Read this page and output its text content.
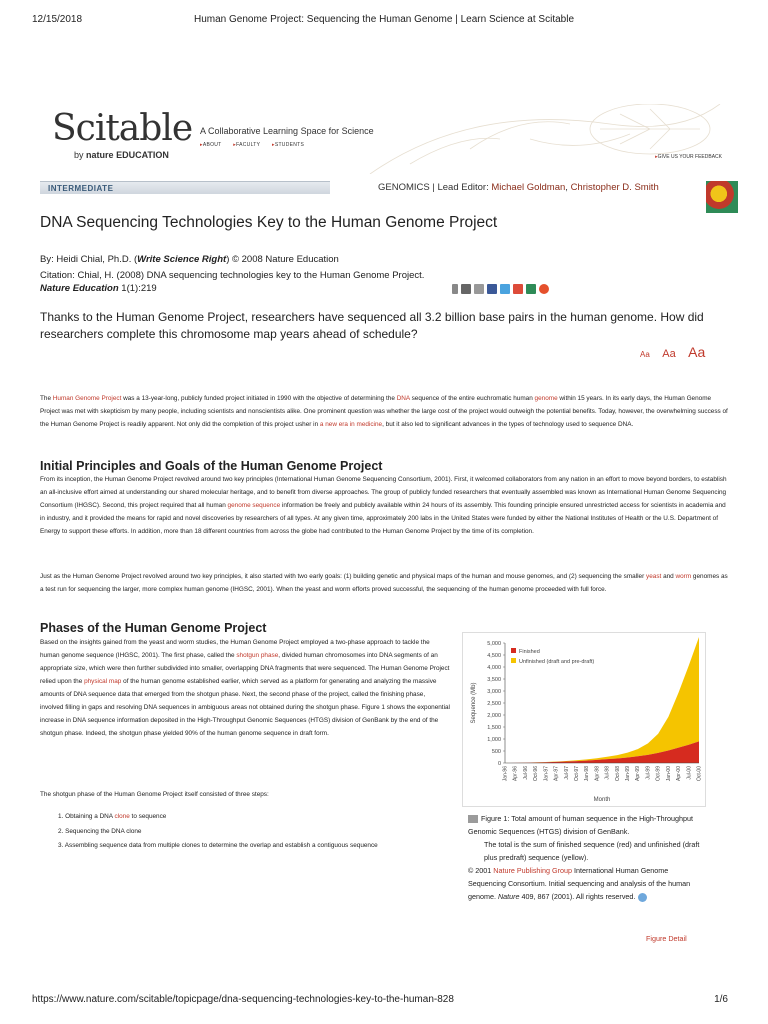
12/15/2018	Human Genome Project: Sequencing the Human Genome | Learn Science at Scitable
Scitable
by nature EDUCATION
A Collaborative Learning Space for Science
▸ ABOUT	▸ FACULTY	▸ STUDENTS
▸ GIVE US YOUR FEEDBACK
INTERMEDIATE	GENOMICS | Lead Editor: Michael Goldman, Christopher D. Smith
DNA Sequencing Technologies Key to the Human Genome Project
By: Heidi Chial, Ph.D. (Write Science Right) © 2008 Nature Education
Citation: Chial, H. (2008) DNA sequencing technologies key to the Human Genome Project. Nature Education 1(1):219

Thanks to the Human Genome Project, researchers have sequenced all 3.2 billion base pairs in the human genome. How did researchers complete this chromosome map years ahead of schedule?

Aa Aa Aa

The Human Genome Project was a 13-year-long, publicly funded project initiated in 1990 with the objective of determining the DNA sequence of the entire euchromatic human genome within 15 years. In its early days, the Human Genome Project was met with skepticism by many people, including scientists and nonscientists alike. One prominent question was whether the large cost of the project would outweigh the potential benefits. Today, however, the overwhelming success of the Human Genome Project is readily apparent. Not only did the completion of this project usher in a new era in medicine, but it also led to significant advances in the types of technology used to sequence DNA.

Initial Principles and Goals of the Human Genome Project

From its inception, the Human Genome Project revolved around two key principles (International Human Genome Sequencing Consortium, 2001). First, it welcomed collaborators from any nation in an effort to move beyond borders, to establish an all-inclusive effort aimed at understanding our shared molecular heritage, and to benefit from diverse approaches. The group of publicly funded researchers that eventually assembled was known as International Human Genome Sequencing Consortium (IHGSC). Second, this project required that all human genome sequence information be freely and publicly available within 24 hours of its assembly. This founding principle ensured unrestricted access for scientists in academia and in industry, and it provided the means for rapid and novel discoveries by researchers of all types. At any given time, approximately 200 labs in the United States were funded by either the National Institutes of Health or the U.S. Department of Energy to support these efforts. In addition, more than 18 different countries from across the globe had contributed to the Human Genome Project by the time of its completion.

Just as the Human Genome Project revolved around two key principles, it also started with two early goals: (1) building genetic and physical maps of the human and mouse genomes, and (2) sequencing the smaller yeast and worm genomes as a test run for sequencing the larger, more complex human genome (IHGSC, 2001). When the yeast and worm efforts proved successful, the sequencing of the human genome proceeded with full force.

Phases of the Human Genome Project

Based on the insights gained from the yeast and worm studies, the Human Genome Project employed a two-phase approach to tackle the human genome sequence (IHGSC, 2001). The first phase, called the shotgun phase, divided human chromosomes into DNA segments of an appropriate size, which were then further subdivided into smaller, overlapping DNA fragments that were sequenced. The Human Genome Project relied upon the physical map of the human genome established earlier, which served as a platform for generating and analyzing the massive amounts of DNA sequence data that emerged from the shotgun phase. Next, the second phase of the project, called the finishing phase, involved filling in gaps and resolving DNA sequences in ambiguous areas not obtained during the shotgun phase. Figure 1 shows the exponential increase in DNA sequence information deposited in the High-Throughput Genomic Sequences (HTGS) division of GenBank by the end of the shotgun phase. Indeed, the shotgun phase yielded 90% of the human genome sequence in draft form.

The shotgun phase of the Human Genome Project itself consisted of three steps:

1. Obtaining a DNA clone to sequence
2. Sequencing the DNA clone
3. Assembling sequence data from multiple clones to determine the overlap and establish a contiguous sequence
0
500
1,000
1,500
2,000
2,500
3,000
3,500
4,000
4,500
5,000
Jan-96 Apr-96 Jul-96 Oct-96 Jan-97 Apr-97 Jul-97 Oct-97 Jan-98 Apr-98 Jul-98 Oct-98 Jan-99 Apr-99 Jul-99 Oct-99 Jan-00 Apr-00 Jul-00 Oct-00
Month
Sequence (Mb)
Finished
Unfinished (draft and pre-draft)
Figure 1: Total amount of human sequence in the High-Throughput Genomic Sequences (HTGS) division of GenBank.
The total is the sum of finished sequence (red) and unfinished (draft plus predraft) sequence (yellow).
© 2001 Nature Publishing Group International Human Genome Sequencing Consortium. Initial sequencing and analysis of the human genome. Nature 409, 867 (2001). All rights reserved.
Figure Detail
https://www.nature.com/scitable/topicpage/dna-sequencing-technologies-key-to-the-human-828	1/6
